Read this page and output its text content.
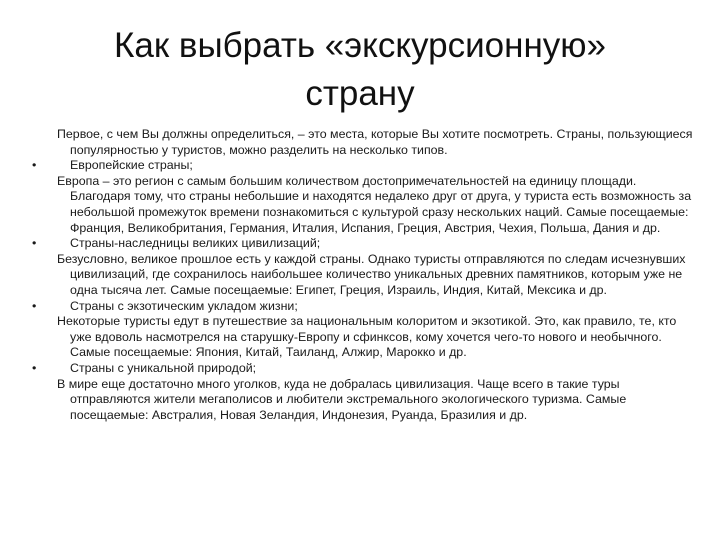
Как выбрать «экскурсионную»
страну

Первое, с чем Вы должны определиться, – это места, которые Вы хотите посмотреть. Страны, пользующиеся популярностью у туристов, можно разделить на несколько типов.

•	Европейские страны;

Европа – это регион с самым большим количеством достопримечательностей на единицу площади. Благодаря тому, что страны небольшие и находятся недалеко друг от друга, у туриста есть возможность за небольшой промежуток времени познакомиться с культурой сразу нескольких наций. Самые посещаемые: Франция, Великобритания, Германия, Италия, Испания, Греция, Австрия, Чехия, Польша, Дания и др.

•	Страны-наследницы великих цивилизаций;

Безусловно, великое прошлое есть у каждой страны. Однако туристы отправляются по следам исчезнувших цивилизаций, где сохранилось наибольшее количество уникальных древних памятников, которым уже не одна тысяча лет. Самые посещаемые: Египет, Греция, Израиль, Индия, Китай, Мексика и др.

•	Страны с экзотическим укладом жизни;

Некоторые туристы едут в путешествие за национальным колоритом и экзотикой. Это, как правило, те, кто уже вдоволь насмотрелся на старушку-Европу и сфинксов, кому хочется чего-то нового и необычного. Самые посещаемые: Япония, Китай, Таиланд, Алжир, Марокко и др.

•	Страны с уникальной природой;

В мире еще достаточно много уголков, куда не добралась цивилизация. Чаще всего в такие туры отправляются жители мегаполисов и любители экстремального экологического туризма. Самые посещаемые: Австралия, Новая Зеландия, Индонезия, Руанда, Бразилия и др.
